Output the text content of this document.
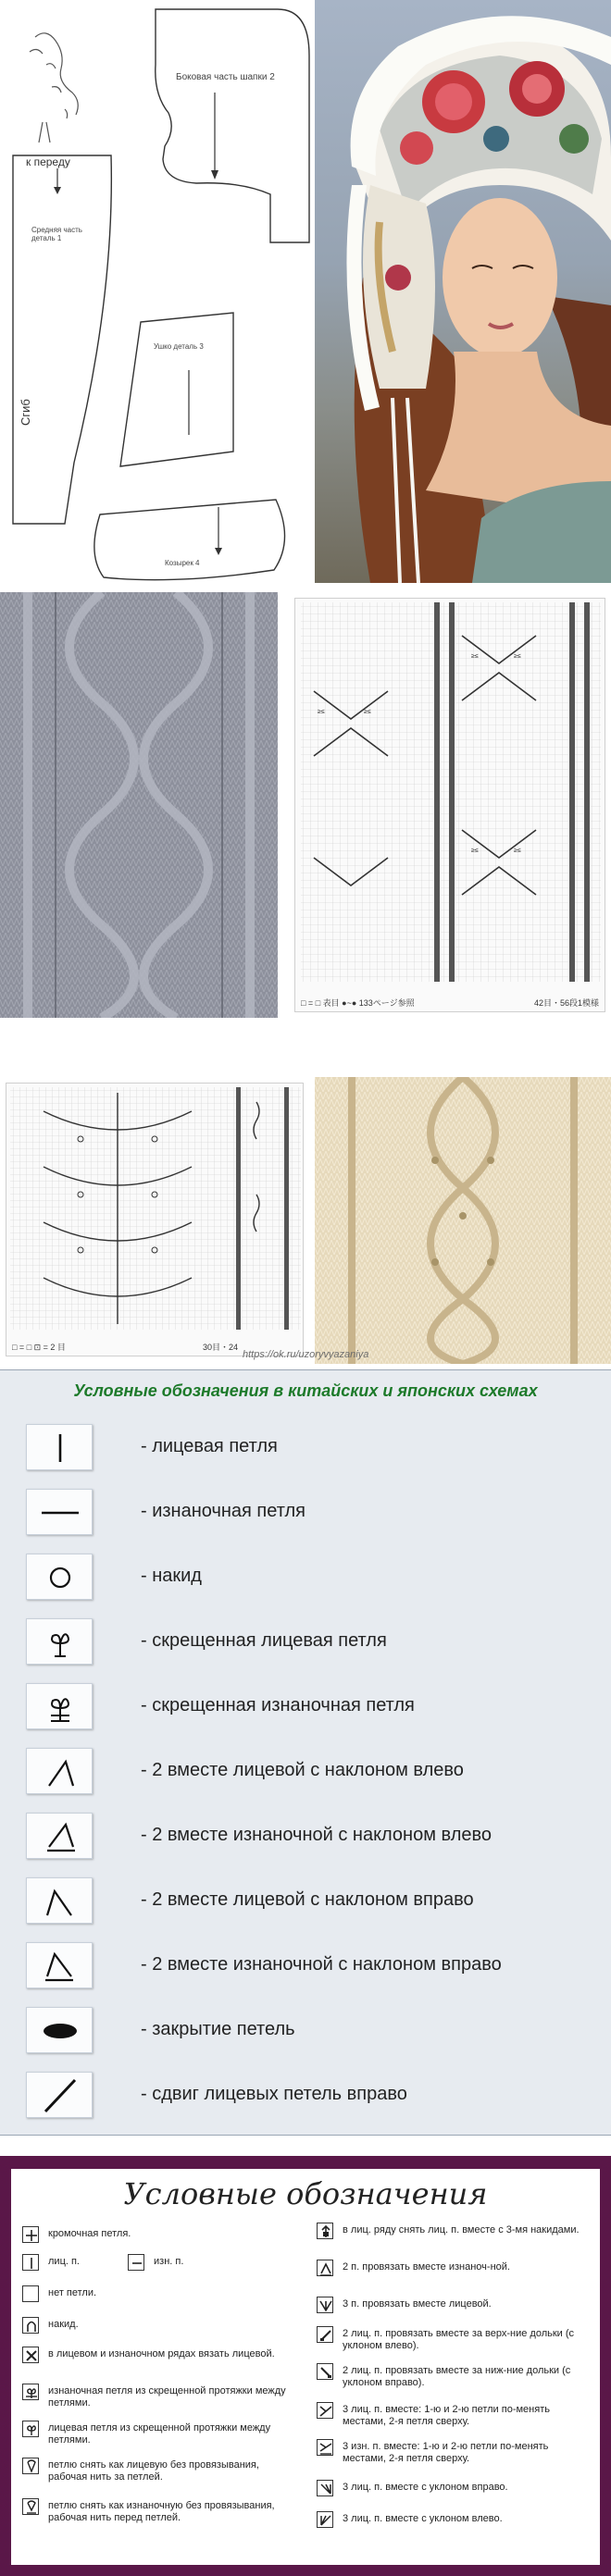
к переду
Средняя часть
деталь 1
Сгиб
Боковая часть шапки 2
Ушко деталь 3
Козырек 4
≥≤	≥≤
≥≤	≥≤
≥≤	≥≤
□ = □ 表目 ●~● 133ページ参照	42目・56段1模様
□ = □ ⊡ = 2 目	30目・24
https://ok.ru/uzoryvyazaniya
Условные обозначения в китайских и японских схемах
- лицевая петля
- изнаночная петля
- накид
- скрещенная лицевая петля
- скрещенная изнаночная петля
- 2 вместе лицевой с наклоном влево
- 2 вместе изнаночной с наклоном влево
- 2 вместе лицевой с наклоном вправо
- 2 вместе изнаночной с наклоном вправо
- закрытие петель
- сдвиг лицевых петель вправо
Условные обозначения
кромочная петля.
лиц. п.
нет петли.
накид.
в лицевом и изнаночном рядах вязать лицевой.
изнаночная петля из скрещенной протяжки между петлями.
лицевая петля из скрещенной протяжки между петлями.
петлю снять как лицевую без провязывания, рабочая нить за петлей.
петлю снять как изнаночную без провязывания, рабочая нить перед петлей.
в лиц. ряду снять лиц. п. вместе с 3-мя накидами.
2 п. провязать вместе изнаноч-ной.
3 п. провязать вместе лицевой.
2 лиц. п. провязать вместе за верх-ние дольки (с уклоном влево).
2 лиц. п. провязать вместе за ниж-ние дольки (с уклоном вправо).
3 лиц. п. вместе: 1-ю и 2-ю петли по-менять местами, 2-я петля сверху.
3 изн. п. вместе: 1-ю и 2-ю петли по-менять местами, 2-я петля сверху.
3 лиц. п. вместе с уклоном вправо.
3 лиц. п. вместе с уклоном влево.
изн. п.
Попова
